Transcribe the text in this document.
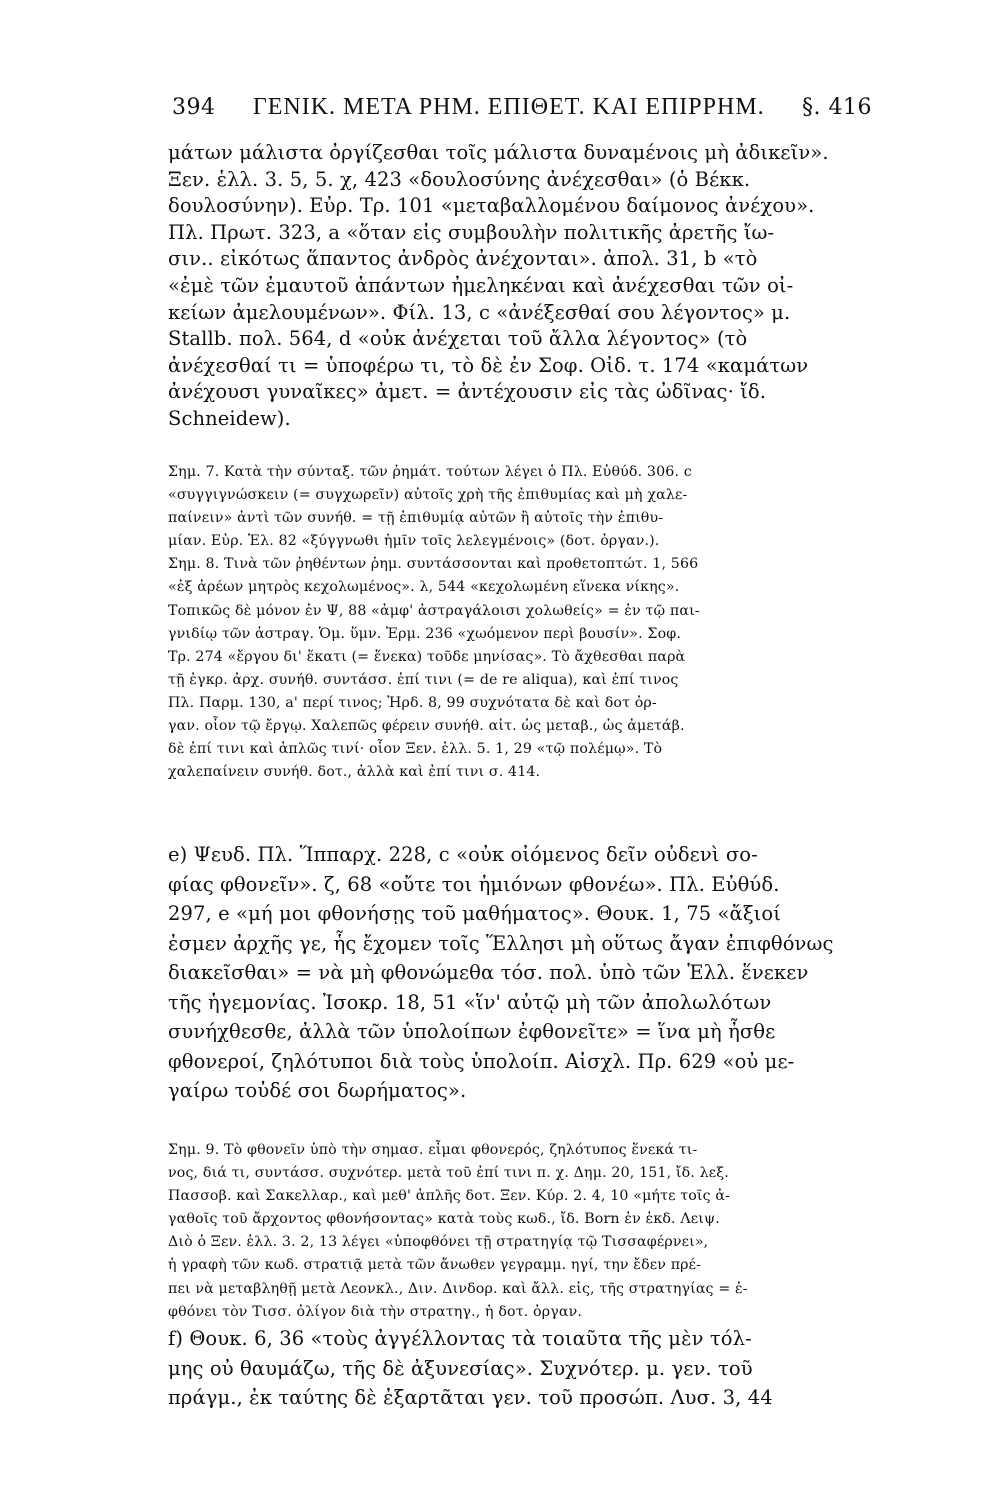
394 ΓΕΝΙΚ. ΜΕΤΑ ΡΗΜ. ΕΠΙΘΕΤ. ΚΑΙ ΕΠΙΡΡΗΜ. §. 416
μάτων μάλιστα ὀργίζεσθαι τοῖς μάλιστα δυναμένοις μὴ ἀδικεῖν».
Ξεν. ἑλλ. 3. 5, 5. χ, 423 «δουλοσύνης ἀνέχεσθαι» (ὁ Βέκκ.
δουλοσύνην). Εὐρ. Τρ. 101 «μεταβαλλομένου δαίμονος ἀνέχου».
Πλ. Πρωτ. 323, a «ὅταν εἰς συμβουλὴν πολιτικῆς ἀρετῆς ἴω-
σιν.. εἰκότως ἅπαντος ἀνδρὸς ἀνέχονται». ἀπολ. 31, b «τὸ
«ἐμὲ τῶν ἐμαυτοῦ ἁπάντων ἠμεληκέναι καὶ ἀνέχεσθαι τῶν οἰ-
κείων ἀμελουμένων». Φίλ. 13, c «ἀνέξεσθαί σου λέγοντος» μ.
Stallb. πολ. 564, d «οὐκ ἀνέχεται τοῦ ἄλλα λέγοντος» (τὸ
ἀνέχεσθαί τι = ὑποφέρω τι, τὸ δὲ ἐν Σοφ. Οἰδ. τ. 174 «καμάτων
ἀνέχουσι γυναῖκες» ἀμετ. = ἀντέχουσιν εἰς τὰς ὠδῖνας· ἴδ.
Schneidew).
Σημ. 7. Κατὰ τὴν σύνταξ. τῶν ῥημάτ. τούτων λέγει ὁ Πλ. Εὐθύδ. 306. c
«συγγιγνώσκειν (= συγχωρεῖν) αὐτοῖς χρὴ τῆς ἐπιθυμίας καὶ μὴ χαλε-
παίνειν» ἀντὶ τῶν συνήθ. = τῇ ἐπιθυμίᾳ αὐτῶν ἢ αὐτοῖς τὴν ἐπιθυ-
μίαν. Εὐρ. Ἑλ. 82 «ξύγγνωθι ἡμῖν τοῖς λελεγμένοις» (δοτ. ὀργαν.).
Σημ. 8. Τινὰ τῶν ῥηθέντων ῥημ. συντάσσονται καὶ προθετοπτώτ. 1, 566
«ἐξ ἀρέων μητρὸς κεχολωμένος». λ, 544 «κεχολωμένη εἵνεκα νίκης».
Τοπικῶς δὲ μόνον ἐν Ψ, 88 «ἀμφ' ἀστραγάλοισι χολωθείς» = ἐν τῷ παι-
γνιδίῳ τῶν ἀστραγ. Ὁμ. ὕμν. Ἑρμ. 236 «χωόμενον περὶ βουσίν». Σοφ.
Τρ. 274 «ἔργου δι' ἕκατι (= ἕνεκα) τοῦδε μηνίσας». Τὸ ἄχθεσθαι παρὰ
τῇ ἐγκρ. ἀρχ. συνήθ. συντάσσ. ἐπί τινι (= de re aliqua), καὶ ἐπί τινος
Πλ. Παρμ. 130, a' περί τινος; Ἡρδ. 8, 99 συχνότατα δὲ καὶ δοτ ὀρ-
γαν. οἷον τῷ ἔργῳ. Χαλεπῶς φέρειν συνήθ. αἰτ. ὡς μεταβ., ὡς ἀμετάβ.
δὲ ἐπί τινι καὶ ἁπλῶς τινί· οἷον Ξεν. ἑλλ. 5. 1, 29 «τῷ πολέμῳ». Τὸ
χαλεπαίνειν συνήθ. δοτ., ἀλλὰ καὶ ἐπί τινι σ. 414.
e) Ψευδ. Πλ. Ἵππαρχ. 228, c «οὐκ οἰόμενος δεῖν οὐδενὶ σο-
φίας φθονεῖν». ζ, 68 «οὔτε τοι ἡμιόνων φθονέω». Πλ. Εὐθύδ.
297, e «μή μοι φθονήσῃς τοῦ μαθήματος». Θουκ. 1, 75 «ἄξιοί
ἐσμεν ἀρχῆς γε, ἧς ἔχομεν τοῖς Ἕλλησι μὴ οὕτως ἄγαν ἐπιφθόνως
διακεῖσθαι» = νὰ μὴ φθονώμεθα τόσ. πολ. ὑπὸ τῶν Ἑλλ. ἕνεκεν
τῆς ἡγεμονίας. Ἰσοκρ. 18, 51 «ἵν' αὐτῷ μὴ τῶν ἀπολωλότων
συνήχθεσθε, ἀλλὰ τῶν ὑπολοίπων ἐφθονεῖτε» = ἵνα μὴ ἦσθε
φθονεροί, ζηλότυποι διὰ τοὺς ὑπολοίπ. Αἰσχλ. Πρ. 629 «οὐ με-
γαίρω τοὐδέ σοι δωρήματος».
Σημ. 9. Τὸ φθονεῖν ὑπὸ τὴν σημασ. εἶμαι φθονερός, ζηλότυπος ἕνεκά τι-
νος, διά τι, συντάσσ. συχνότερ. μετὰ τοῦ ἐπί τινι π. χ. Δημ. 20, 151, ἴδ. λεξ.
Πασσοβ. καὶ Σακελλαρ., καὶ μεθ' ἁπλῆς δοτ. Ξεν. Κύρ. 2. 4, 10 «μήτε τοῖς ἀ-
γαθοῖς τοῦ ἄρχοντος φθονήσοντας» κατὰ τοὺς κωδ., ἴδ. Born ἐν ἐκδ. Λειψ.
Διὸ ὁ Ξεν. ἑλλ. 3. 2, 13 λέγει «ὑποφθόνει τῇ στρατηγίᾳ τῷ Τισσαφέρνει»,
ἡ γραφὴ τῶν κωδ. στρατιᾷ μετὰ τῶν ἄνωθεν γεγραμμ. ηγί, την ἔδεν πρέ-
πει νὰ μεταβληθῇ μετὰ Λεονκλ., Διν. Δινδορ. καὶ ἄλλ. εἰς, τῆς στρατηγίας = ἐ-
φθόνει τὸν Τισσ. ὀλίγον διὰ τὴν στρατηγ., ἡ δοτ. ὀργαν.
f) Θουκ. 6, 36 «τοὺς ἀγγέλλοντας τὰ τοιαῦτα τῆς μὲν τόλ-
μης οὐ θαυμάζω, τῆς δὲ ἀξυνεσίας». Συχνότερ. μ. γεν. τοῦ
πράγμ., ἐκ ταύτης δὲ ἐξαρτᾶται γεν. τοῦ προσώπ. Λυσ. 3, 44
